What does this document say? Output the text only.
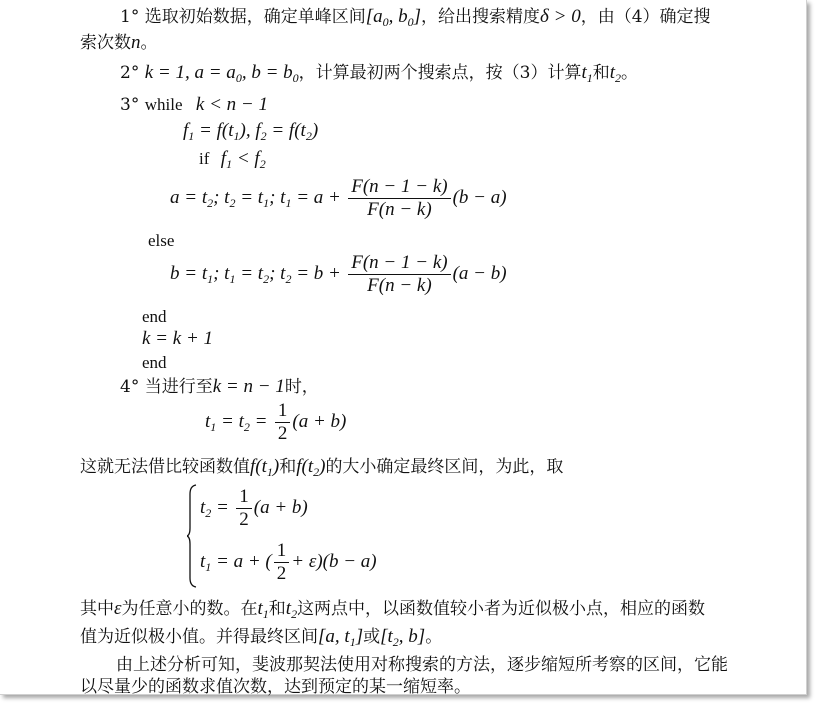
1° 选取初始数据，确定单峰区间[$a_0$, $b_0$]，给出搜索精度δ > 0，由（4）确定搜
索次数n。
2° k = 1, $a = a_0$, $b = b_0$，计算最初两个搜索点，按（3）计算$t_1$和$t_2$。
3° while k < n − 1
$f_1 = f(t_1)$, $f_2 = f(t_2)$
if $f_1 < f_2$
$a = t_2$; $t_2 = t_1$; $t_1 = a + \frac{F(n - 1 - k)}{F(n - k)} (b - a)$
else
$b = t_1$; $t_1 = t_2$; $t_2 = b + \frac{F(n - 1 - k)}{F(n - k)} (a - b)$
end
k = k + 1
end
4° 当进行至k = n − 1时，
$t_1 = t_2 = \frac{1}{2} (a + b)$
这就无法借比较函数值$f(t_1)$和$f(t_2)$的大小确定最终区间，为此，取
$t_2 = \frac{1}{2} (a + b)$
$t_1 = a$ + ( $\frac{1}{2} + \varepsilon)(b - a)$
其中ε为任意小的数。在$t_1$和$t_2$这两点中，以函数值较小者为近似极小点，相应的函数
值为近似极小值。并得最终区间[a, $t_1$]或[$t_2$, b]。
由上述分析可知，斐波那契法使用对称搜索的方法，逐步缩短所考察的区间，它能
以尽量少的函数求值次数，达到预定的某一缩短率。
